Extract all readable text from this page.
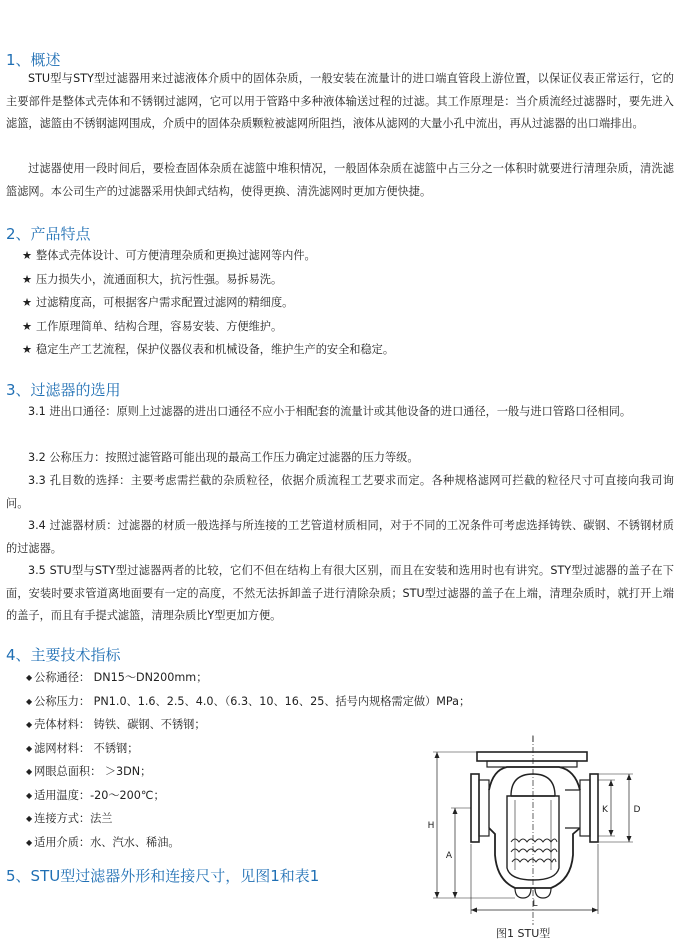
1、概述
STU型与STY型过滤器用来过滤液体介质中的固体杂质，一般安装在流量计的进口端直管段上游位置，以保证仪表正常运行，它的主要部件是整体式壳体和不锈钢过滤网，它可以用于管路中多种液体输送过程的过滤。其工作原理是：当介质流经过滤器时，要先进入滤篮，滤篮由不锈钢滤网围成，介质中的固体杂质颗粒被滤网所阻挡，液体从滤网的大量小孔中流出，再从过滤器的出口端排出。
过滤器使用一段时间后，要检查固体杂质在滤篮中堆积情况，一般固体杂质在滤篮中占三分之一体积时就要进行清理杂质，清洗滤篮滤网。本公司生产的过滤器采用快卸式结构，使得更换、清洗滤网时更加方便快捷。
2、产品特点
★ 整体式壳体设计、可方便清理杂质和更换过滤网等内件。
★ 压力损失小，流通面积大，抗污性强。易拆易洗。
★ 过滤精度高，可根据客户需求配置过滤网的精细度。
★ 工作原理简单、结构合理，容易安装、方便维护。
★ 稳定生产工艺流程，保护仪器仪表和机械设备，维护生产的安全和稳定。
3、过滤器的选用
3.1 进出口通径：原则上过滤器的进出口通径不应小于相配套的流量计或其他设备的进口通径，一般与进口管路口径相同。
3.2 公称压力：按照过滤管路可能出现的最高工作压力确定过滤器的压力等级。
3.3 孔目数的选择：主要考虑需拦截的杂质粒径，依据介质流程工艺要求而定。各种规格滤网可拦截的粒径尺寸可直接向我司询问。
3.4 过滤器材质：过滤器的材质一般选择与所连接的工艺管道材质相同，对于不同的工况条件可考虑选择铸铁、碳钢、不锈钢材质的过滤器。
3.5 STU型与STY型过滤器两者的比较，它们不但在结构上有很大区别，而且在安装和选用时也有讲究。STY型过滤器的盖子在下面，安装时要求管道离地面要有一定的高度，不然无法拆卸盖子进行清除杂质；STU型过滤器的盖子在上端，清理杂质时，就打开上端的盖子，而且有手提式滤篮，清理杂质比Y型更加方便。
4、主要技术指标
◆ 公称通径： DN15～DN200mm；
◆ 公称压力： PN1.0、1.6、2.5、4.0、（6.3、10、16、25、括号内规格需定做）MPa；
◆ 壳体材料： 铸铁、碳钢、不锈钢；
◆ 滤网材料： 不锈钢；
◆ 网眼总面积： ＞3DN；
◆ 适用温度：-20～200℃；
◆ 连接方式：法兰
◆ 适用介质：水、汽水、稀油。
5、STU型过滤器外形和连接尺寸，见图1和表1
I
H
A
K	D
L
图1 STU型
